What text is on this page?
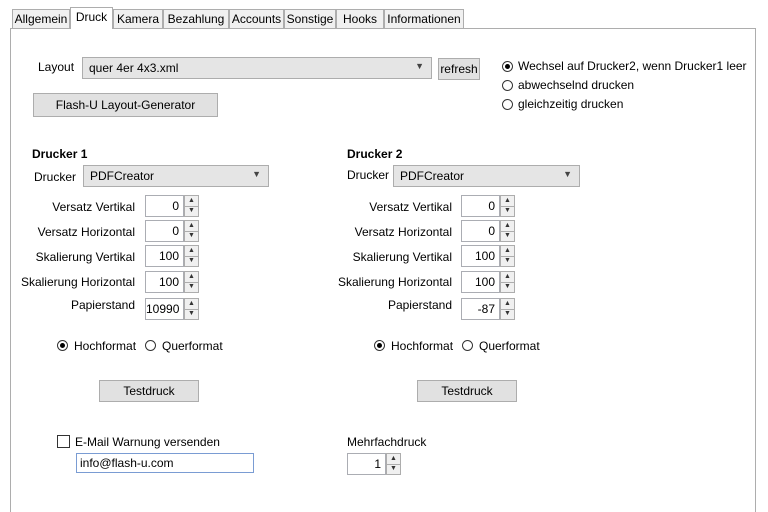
Allgemein Druck Kamera Bezahlung Accounts Sonstige Hooks Informationen
Layout quer 4er 4x3.xml	▼ refresh
Flash-U Layout-Generator
Wechsel auf Drucker2, wenn Drucker1 leer
abwechselnd drucken
gleichzeitig drucken
Drucker 1
Drucker PDFCreator	▼
Versatz Vertikal	0	▲
▼
Versatz Horizontal	0	▲
▼
Skalierung Vertikal	100	▲
▼
Skalierung Horizontal	100	▲
▼
Papierstand 10990	▲
▼
Hochformat Querformat
Testdruck
Drucker 2
Drucker PDFCreator	▼
Versatz Vertikal	0	▲
▼
Versatz Horizontal	0	▲
▼
Skalierung Vertikal	100	▲
▼
Skalierung Horizontal	100	▲
▼
Papierstand	-87	▲
▼
Hochformat Querformat
Testdruck
E-Mail Warnung versenden
info@flash-u.com
Mehrfachdruck
1	▲
▼
